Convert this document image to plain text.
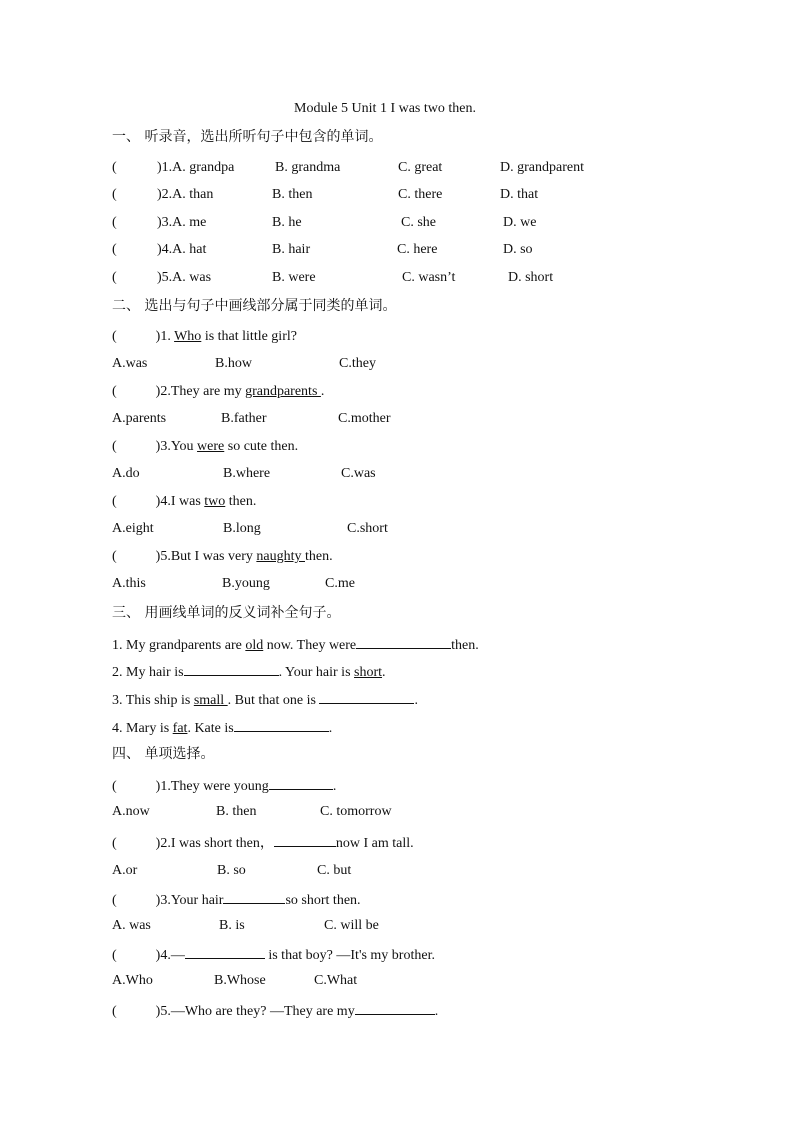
Module 5 Unit 1 I was two then.
一、 听录音，选出所听句子中包含的单词。
(	)1.A. grandpa	B. grandma	C. great	D. grandparent
(	)2.A. than	B. then	C. there	D. that
(	)3.A. me	B. he	C. she	D. we
(	)4.A. hat	B. hair	C. here	D. so
(	)5.A. was	B. were	C. wasn’t	D. short
二、 选出与句子中画线部分属于同类的单词。
(	)1. Who is that little girl?
A.was	B.how	C.they
(	)2.They are my grandparents .
A.parents	B.father	C.mother
(	)3.You were so cute then.
A.do	B.where	C.was
(	)4.I was two then.
A.eight	B.long	C.short
(	)5.But I was very naughty then.
A.this	B.young	C.me
三、 用画线单词的反义词补全句子。
1. My grandparents are old now. They were	then.
2. My hair is	. Your hair is short.
3. This ship is small . But that one is	.
4. Mary is fat. Kate is	.
四、 单项选择。
(	)1.They were young	.
A.now	B. then	C. tomorrow
(	)2.I was short then，	now I am tall.
A.or	B. so	C. but
(	)3.Your hair	so short then.
A. was	B. is	C. will be
(	)4.—	is that boy? —It's my brother.
A.Who	B.Whose	C.What
(	)5.—Who are they? —They are my	.
